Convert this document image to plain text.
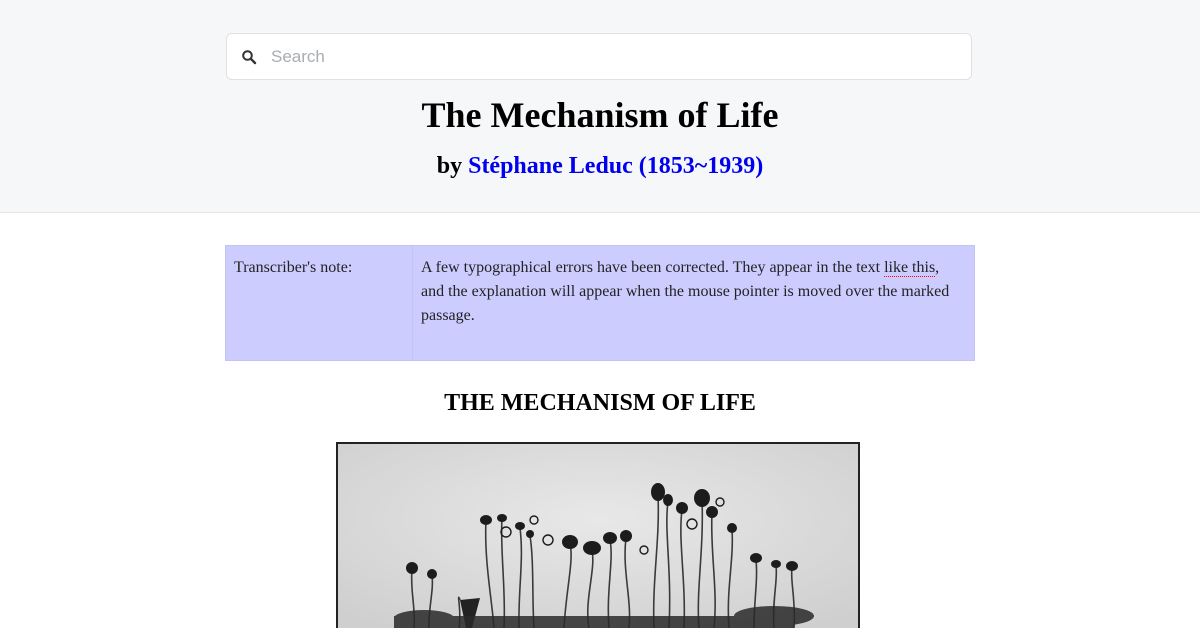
Search
The Mechanism of Life
by Stéphane Leduc (1853~1939)
Transcriber's note:	A few typographical errors have been corrected. They appear in the text like this, and the explanation will appear when the mouse pointer is moved over the marked passage.
THE MECHANISM OF LIFE
